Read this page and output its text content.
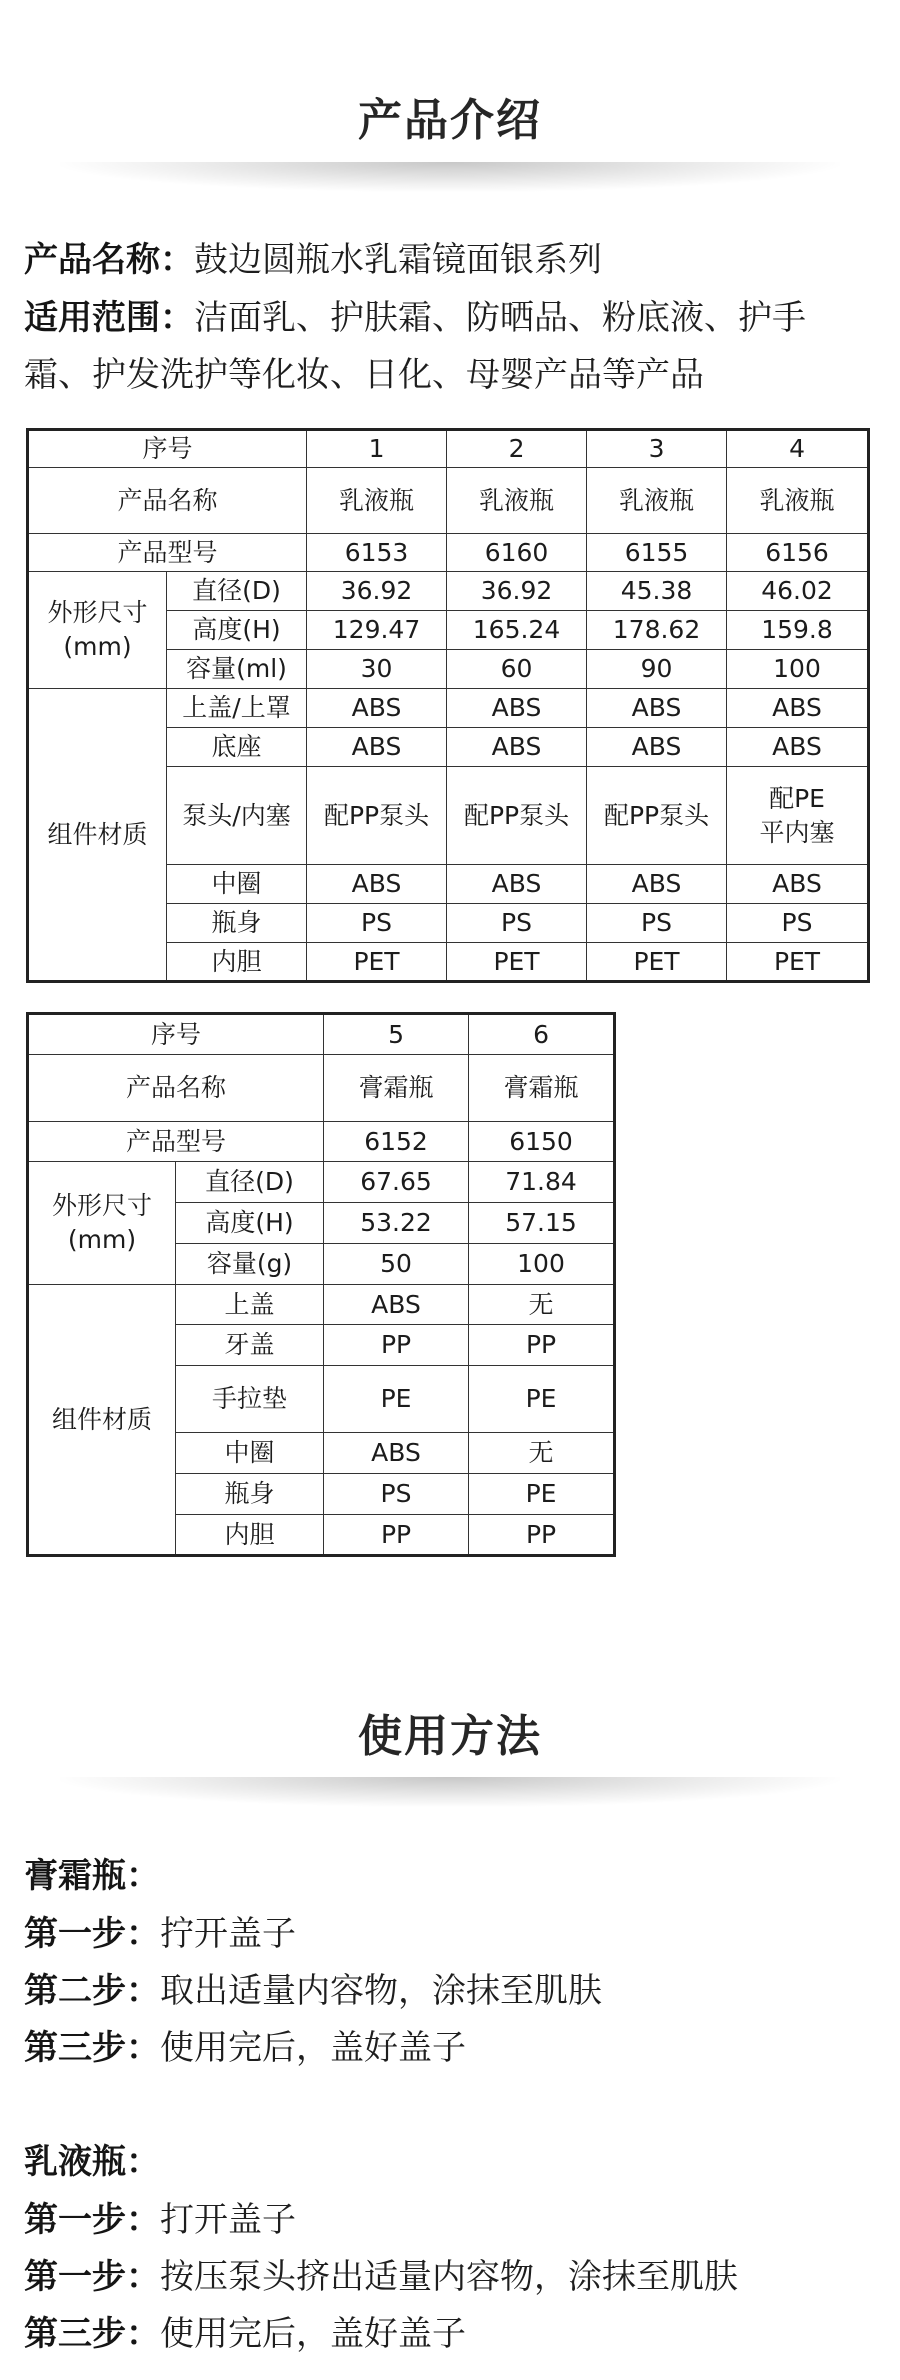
产品介绍
产品名称：鼓边圆瓶水乳霜镜面银系列
适用范围：洁面乳、护肤霜、防晒品、粉底液、护手
霜、护发洗护等化妆、日化、母婴产品等产品
序号		1	2	3	4
产品名称		乳液瓶	乳液瓶	乳液瓶	乳液瓶
产品型号		6153	6160	6155	6156

外形尺寸
(mm)	直径(D)	36.92	36.92	45.38	46.02
	高度(H)	129.47	165.24	178.62	159.8
	容量(ml)	30	60	90	100
组件材质	上盖/上罩	ABS	ABS	ABS	ABS
	底座	ABS	ABS	ABS	ABS
	泵头/内塞	配PP泵头	配PP泵头	配PP泵头	配PE
平内塞

	中圈	ABS	ABS	ABS	ABS
	瓶身	PS	PS	PS	PS
	内胆	PET	PET	PET	PET
序号		5	6
产品名称		膏霜瓶	膏霜瓶
产品型号		6152	6150

外形尺寸
(mm)	直径(D)	67.65	71.84
	高度(H)	53.22	57.15
	容量(g)	50	100
组件材质	上盖	ABS	无
	牙盖	PP	PP
	手拉垫	PE	PE
	中圈	ABS	无
	瓶身	PS	PE
	内胆	PP	PP
使用方法
膏霜瓶：
第一步：拧开盖子
第二步：取出适量内容物，涂抹至肌肤
第三步：使用完后，盖好盖子
乳液瓶：
第一步：打开盖子
第一步：按压泵头挤出适量内容物，涂抹至肌肤
第三步：使用完后，盖好盖子
